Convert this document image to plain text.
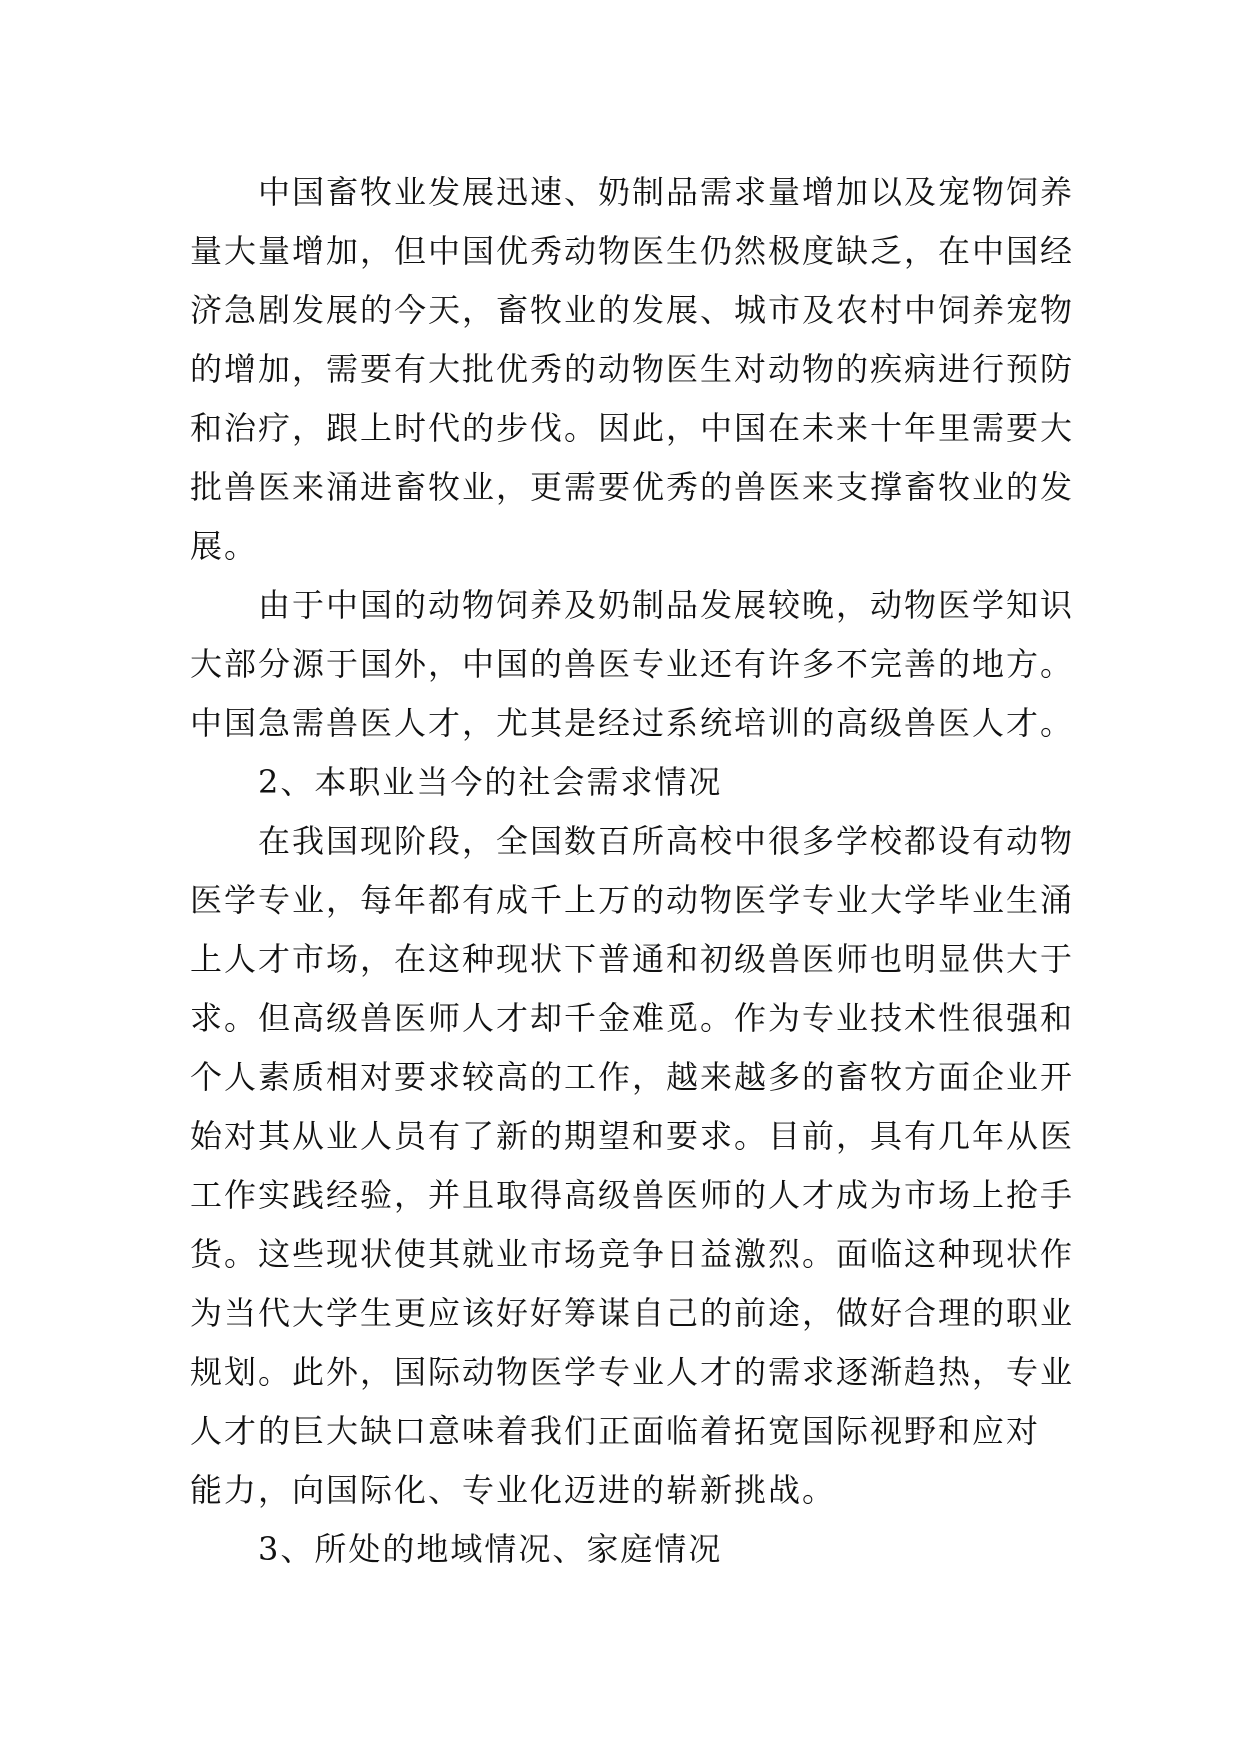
中国畜牧业发展迅速、奶制品需求量增加以及宠物饲养
量大量增加，但中国优秀动物医生仍然极度缺乏，在中国经
济急剧发展的今天，畜牧业的发展、城市及农村中饲养宠物
的增加，需要有大批优秀的动物医生对动物的疾病进行预防
和治疗，跟上时代的步伐。因此，中国在未来十年里需要大
批兽医来涌进畜牧业，更需要优秀的兽医来支撑畜牧业的发
展。
由于中国的动物饲养及奶制品发展较晚，动物医学知识
大部分源于国外，中国的兽医专业还有许多不完善的地方。
中国急需兽医人才，尤其是经过系统培训的高级兽医人才。
2、本职业当今的社会需求情况
在我国现阶段，全国数百所高校中很多学校都设有动物
医学专业，每年都有成千上万的动物医学专业大学毕业生涌
上人才市场，在这种现状下普通和初级兽医师也明显供大于
求。但高级兽医师人才却千金难觅。作为专业技术性很强和
个人素质相对要求较高的工作，越来越多的畜牧方面企业开
始对其从业人员有了新的期望和要求。目前，具有几年从医
工作实践经验，并且取得高级兽医师的人才成为市场上抢手
货。这些现状使其就业市场竞争日益激烈。面临这种现状作
为当代大学生更应该好好筹谋自己的前途，做好合理的职业
规划。此外，国际动物医学专业人才的需求逐渐趋热，专业
人才的巨大缺口意味着我们正面临着拓宽国际视野和应对
能力，向国际化、专业化迈进的崭新挑战。
3、所处的地域情况、家庭情况
